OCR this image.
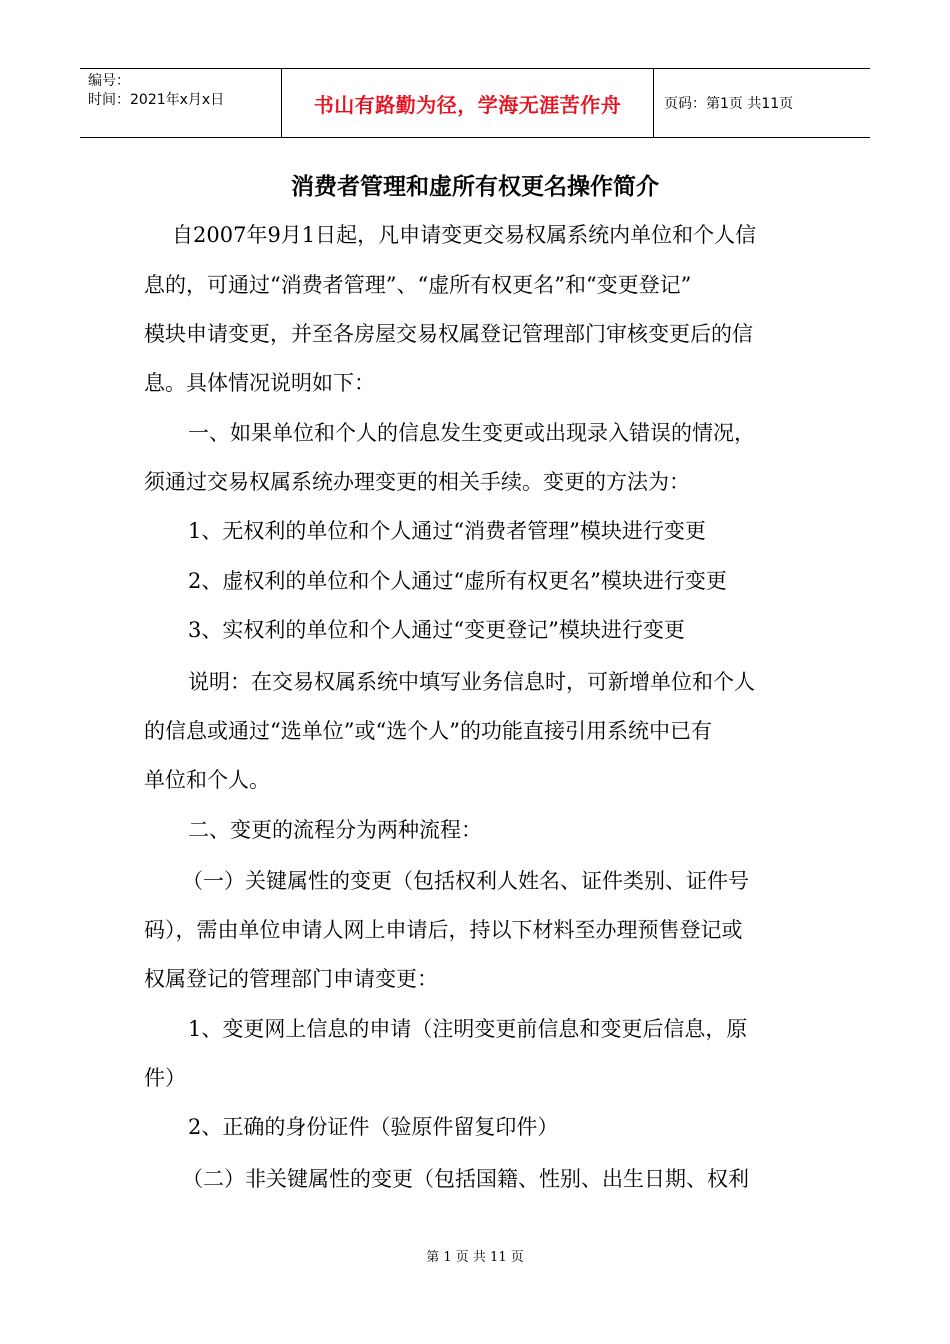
编号：
时间：2021年x月x日	书山有路勤为径，学海无涯苦作舟	页码：第1页 共11页
消费者管理和虚所有权更名操作简介
自2007年9月1日起，凡申请变更交易权属系统内单位和个人信
息的，可通过“消费者管理”、“虚所有权更名”和“变更登记”
模块申请变更，并至各房屋交易权属登记管理部门审核变更后的信
息。具体情况说明如下：
一、如果单位和个人的信息发生变更或出现录入错误的情况，
须通过交易权属系统办理变更的相关手续。变更的方法为：
1、无权利的单位和个人通过“消费者管理”模块进行变更
2、虚权利的单位和个人通过“虚所有权更名”模块进行变更
3、实权利的单位和个人通过“变更登记”模块进行变更
说明：在交易权属系统中填写业务信息时，可新增单位和个人
的信息或通过“选单位”或“选个人”的功能直接引用系统中已有
单位和个人。
二、变更的流程分为两种流程：
（一）关键属性的变更（包括权利人姓名、证件类别、证件号
码），需由单位申请人网上申请后，持以下材料至办理预售登记或
权属登记的管理部门申请变更：
1、变更网上信息的申请（注明变更前信息和变更后信息，原
件）
2、正确的身份证件（验原件留复印件）
（二）非关键属性的变更（包括国籍、性别、出生日期、权利
第 1 页 共 11 页
